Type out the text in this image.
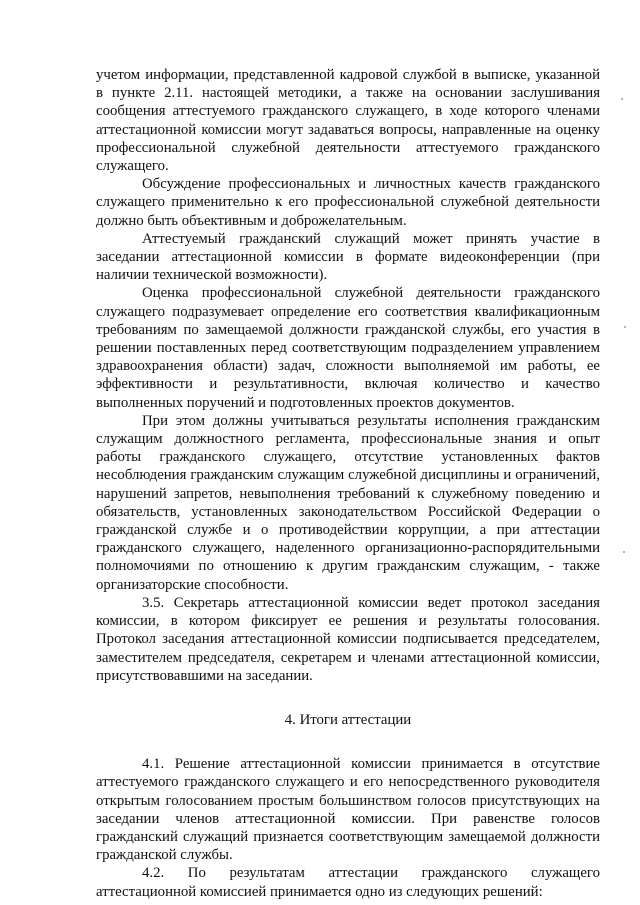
учетом информации, представленной кадровой службой в выписке, указанной в пункте 2.11. настоящей методики, а также на основании заслушивания сообщения аттестуемого гражданского служащего, в ходе которого членами аттестационной комиссии могут задаваться вопросы, направленные на оценку профессиональной служебной деятельности аттестуемого гражданского служащего.

Обсуждение профессиональных и личностных качеств гражданского служащего применительно к его профессиональной служебной деятельности должно быть объективным и доброжелательным.

Аттестуемый гражданский служащий может принять участие в заседании аттестационной комиссии в формате видеоконференции (при наличии технической возможности).

Оценка профессиональной служебной деятельности гражданского служащего подразумевает определение его соответствия квалификационным требованиям по замещаемой должности гражданской службы, его участия в решении поставленных перед соответствующим подразделением управлением здравоохранения области) задач, сложности выполняемой им работы, ее эффективности и результативности, включая количество и качество выполненных поручений и подготовленных проектов документов.

При этом должны учитываться результаты исполнения гражданским служащим должностного регламента, профессиональные знания и опыт работы гражданского служащего, отсутствие установленных фактов несоблюдения гражданским служащим служебной дисциплины и ограничений, нарушений запретов, невыполнения требований к служебному поведению и обязательств, установленных законодательством Российской Федерации о гражданской службе и о противодействии коррупции, а при аттестации гражданского служащего, наделенного организационно-распорядительными полномочиями по отношению к другим гражданским служащим, - также организаторские способности.

3.5. Секретарь аттестационной комиссии ведет протокол заседания комиссии, в котором фиксирует ее решения и результаты голосования. Протокол заседания аттестационной комиссии подписывается председателем, заместителем председателя, секретарем и членами аттестационной комиссии, присутствовавшими на заседании.

4. Итоги аттестации

4.1. Решение аттестационной комиссии принимается в отсутствие аттестуемого гражданского служащего и его непосредственного руководителя открытым голосованием простым большинством голосов присутствующих на заседании членов аттестационной комиссии. При равенстве голосов гражданский служащий признается соответствующим замещаемой должности гражданской службы.

4.2. По результатам аттестации гражданского служащего аттестационной комиссией принимается одно из следующих решений:
